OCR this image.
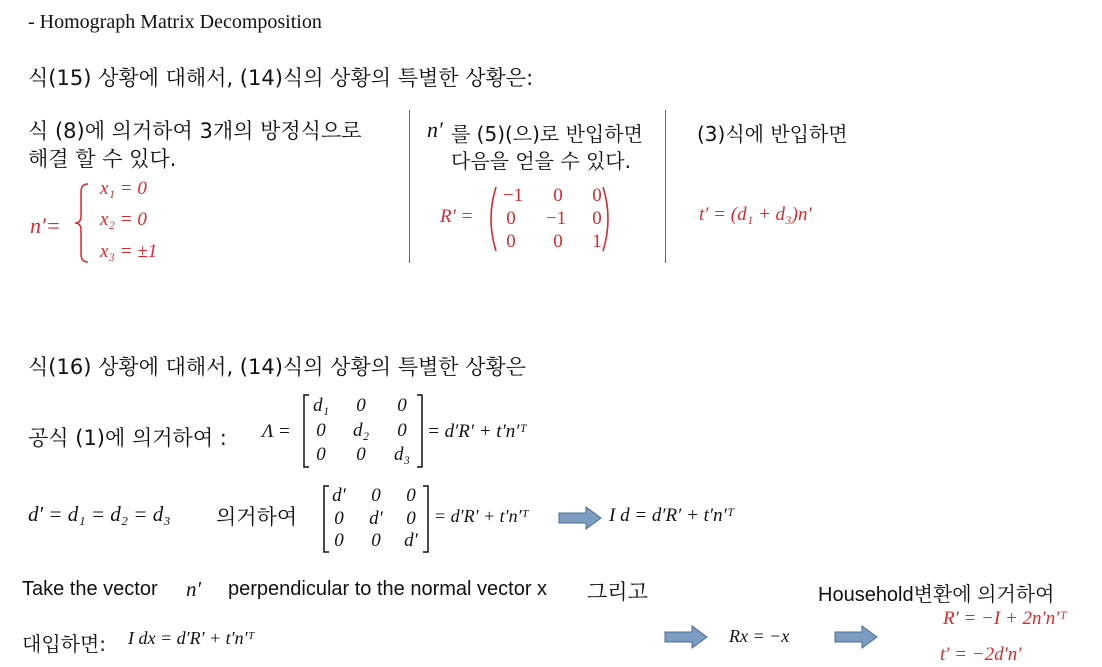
- Homograph Matrix Decomposition
식(15) 상황에 대해서, (14)식의 상황의 특별한 상황은:
식 (8)에 의거하여 3개의 방정식으로
해결 할 수 있다.
n′=
x₁ = 0
x₂ = 0
x₃ = ±1
n′ 를 (5)(으)로 반입하면
다음을 얻을 수 있다.
R′ =
−1	0	0
0	−1	0
0	0	1
(3)식에 반입하면
t′ = (d₁ + d₃)n′
식(16) 상황에 대해서, (14)식의 상황의 특별한 상황은
공식 (1)에 의거하여 : Λ =
d₁	0	0
0	d₂	0
0	0	d₃
= d′R′ + t′n′ᵀ
d′ = d₁ = d₂ = d₃ 의거하여
d′	0	0
0	d′	0
0	0	d′
= d′R′ + t′n′ᵀ	I d = d′R′ + t′n′ᵀ
Take the vector n′ perpendicular to the normal vector x 그리고	Household변환에 의거하여
대입하면: I dx = d′R′ + t′n′ᵀ	Rx = −x
R′ = −I + 2n′n′ᵀ
t′ = −2d′n′
